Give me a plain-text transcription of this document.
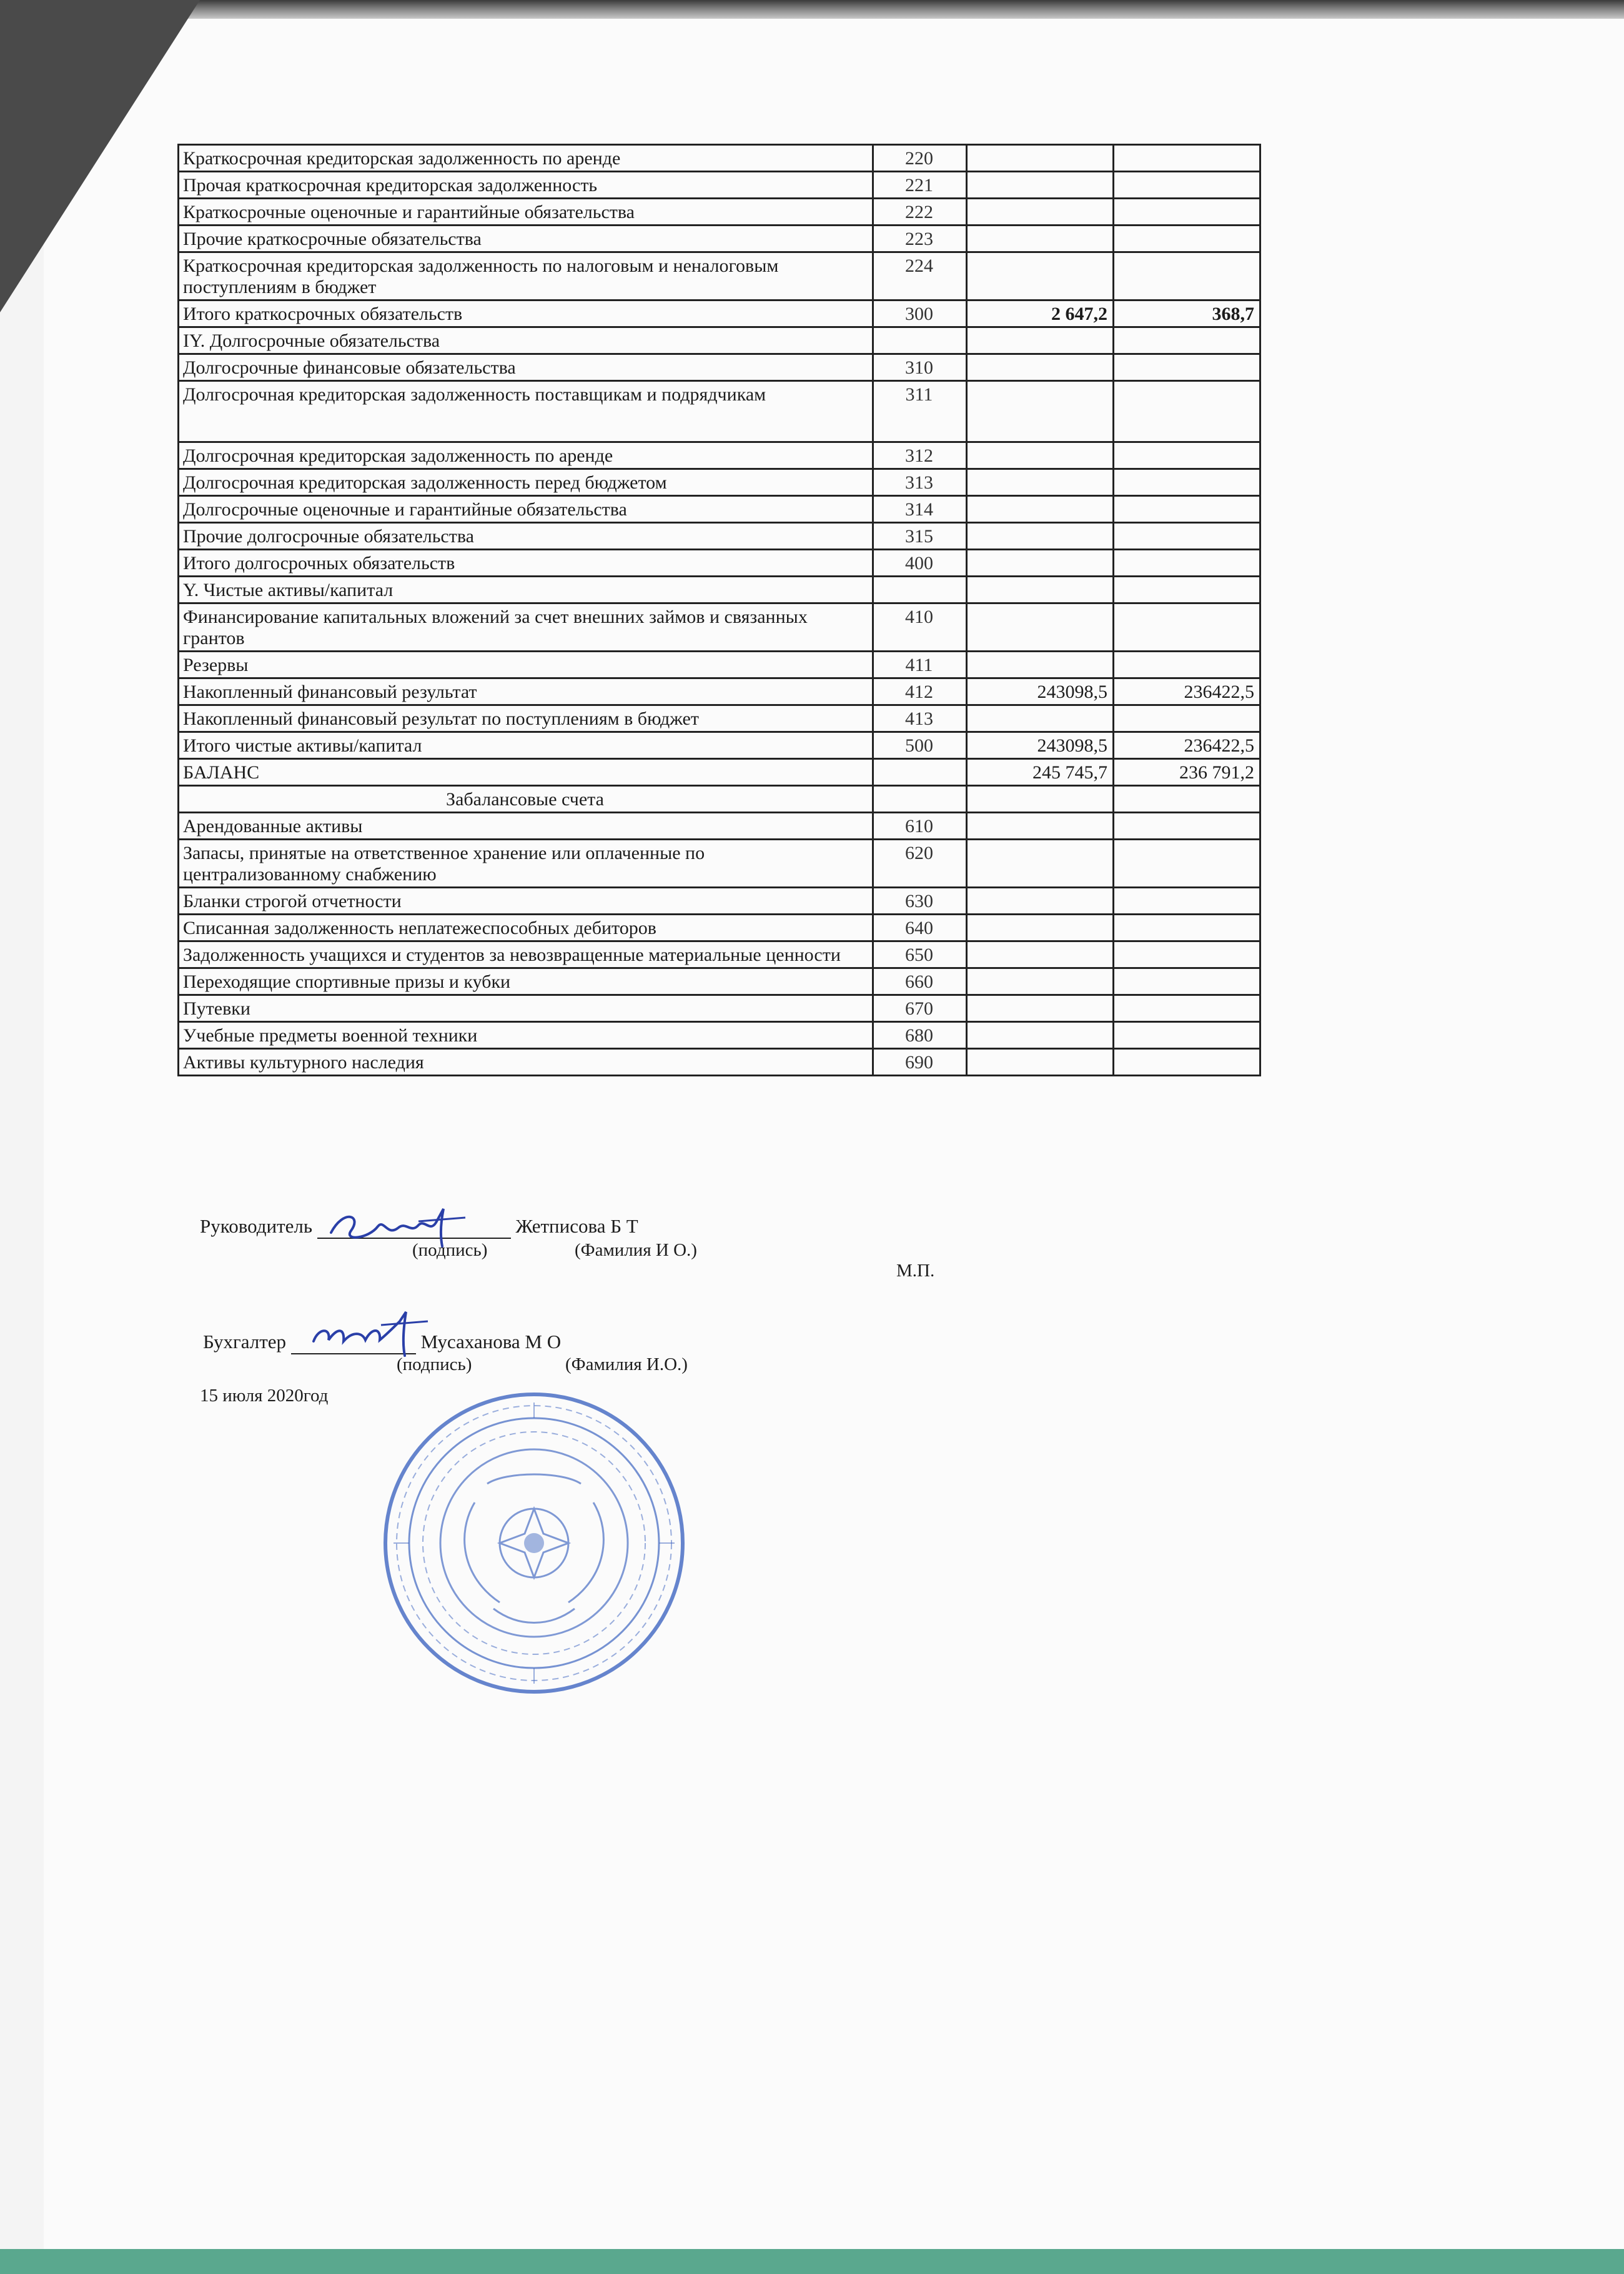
Краткосрочная кредиторская задолженность по аренде	220		
Прочая краткосрочная кредиторская задолженность	221		
Краткосрочные оценочные и гарантийные обязательства	222		
Прочие краткосрочные обязательства	223		
Краткосрочная кредиторская задолженность по налоговым и неналоговым поступлениям в бюджет	224		
Итого краткосрочных обязательств	300	2 647,2	368,7
IY. Долгосрочные обязательства			
Долгосрочные финансовые обязательства	310		
Долгосрочная кредиторская задолженность поставщикам и подрядчикам	311		
Долгосрочная кредиторская задолженность по аренде	312		
Долгосрочная кредиторская задолженность перед бюджетом	313		
Долгосрочные оценочные и гарантийные обязательства	314		
Прочие долгосрочные обязательства	315		
Итого долгосрочных обязательств	400		
Y. Чистые активы/капитал			
Финансирование капитальных вложений за счет внешних займов и связанных грантов	410		
Резервы	411		
Накопленный финансовый результат	412	243098,5	236422,5
Накопленный финансовый результат по поступлениям в бюджет	413		
Итого чистые активы/капитал	500	243098,5	236422,5
БАЛАНС		245 745,7	236 791,2
Забалансовые счета			
Арендованные активы	610		
Запасы, принятые на ответственное хранение или оплаченные по централизованному снабжению	620		
Бланки строгой отчетности	630		
Списанная задолженность неплатежеспособных дебиторов	640		
Задолженность учащихся и студентов за невозвращенные материальные ценности	650		
Переходящие спортивные призы и кубки	660		
Путевки	670		
Учебные предметы военной техники	680		
Активы культурного наследия	690		
Руководитель	Жетписова Б Т
(подпись)	(Фамилия И О.)
М.П.
Бухгалтер	Мусаханова М О
(подпись)	(Фамилия И.О.)
15 июля 2020год
